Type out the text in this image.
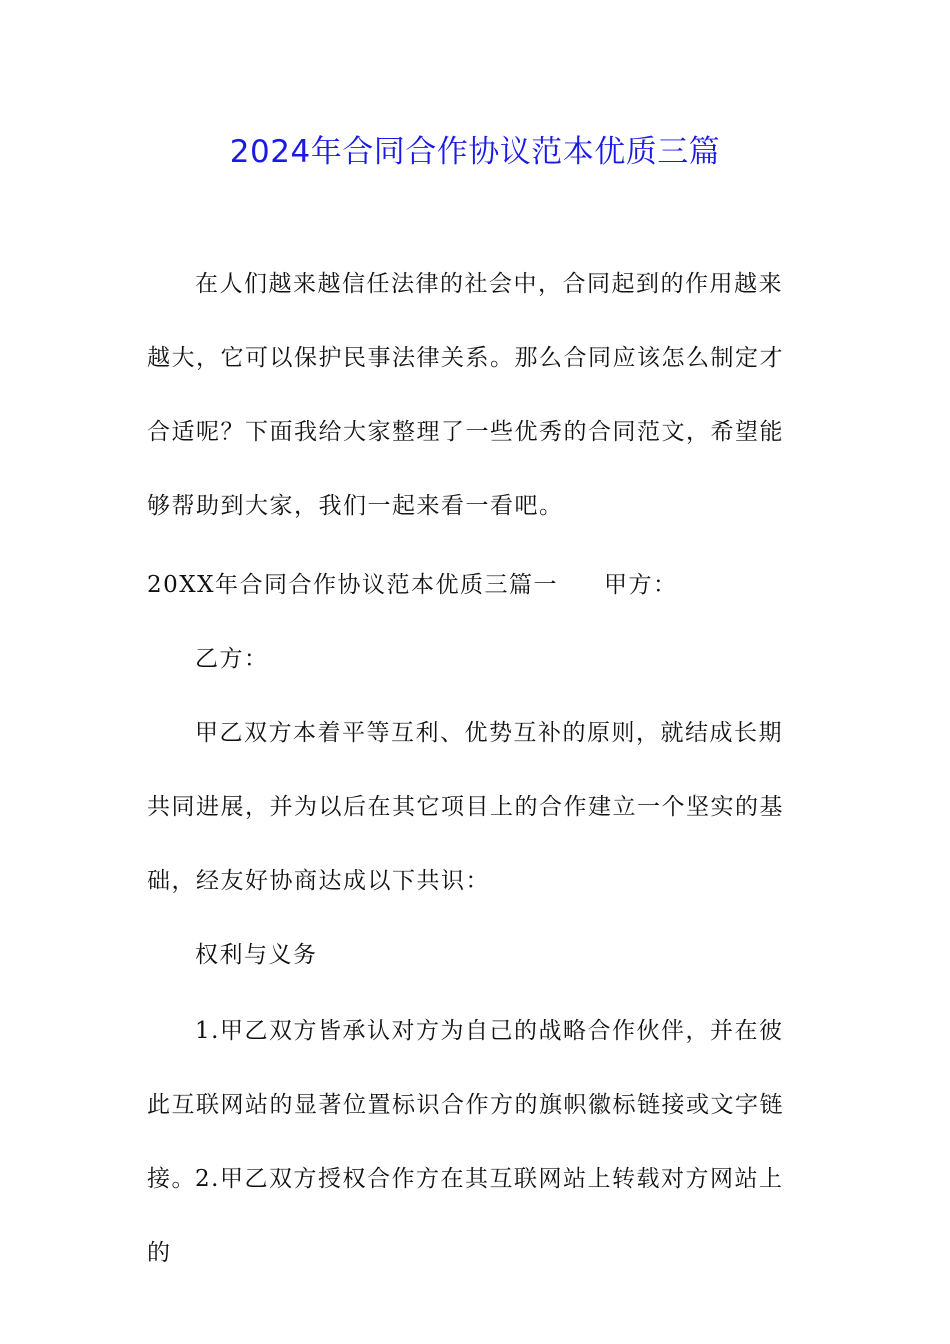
2024年合同合作协议范本优质三篇

在人们越来越信任法律的社会中，合同起到的作用越来越大，它可以保护民事法律关系。那么合同应该怎么制定才合适呢？下面我给大家整理了一些优秀的合同范文，希望能够帮助到大家，我们一起来看一看吧。

20XX年合同合作协议范本优质三篇一 甲方：
乙方：

甲乙双方本着平等互利、优势互补的原则，就结成长期共同进展，并为以后在其它项目上的合作建立一个坚实的基础，经友好协商达成以下共识：

权利与义务

1.甲乙双方皆承认对方为自己的战略合作伙伴，并在彼此互联网站的显著位置标识合作方的旗帜徽标链接或文字链接。 2.甲乙双方授权合作方在其互联网站上转载对方网站上的
